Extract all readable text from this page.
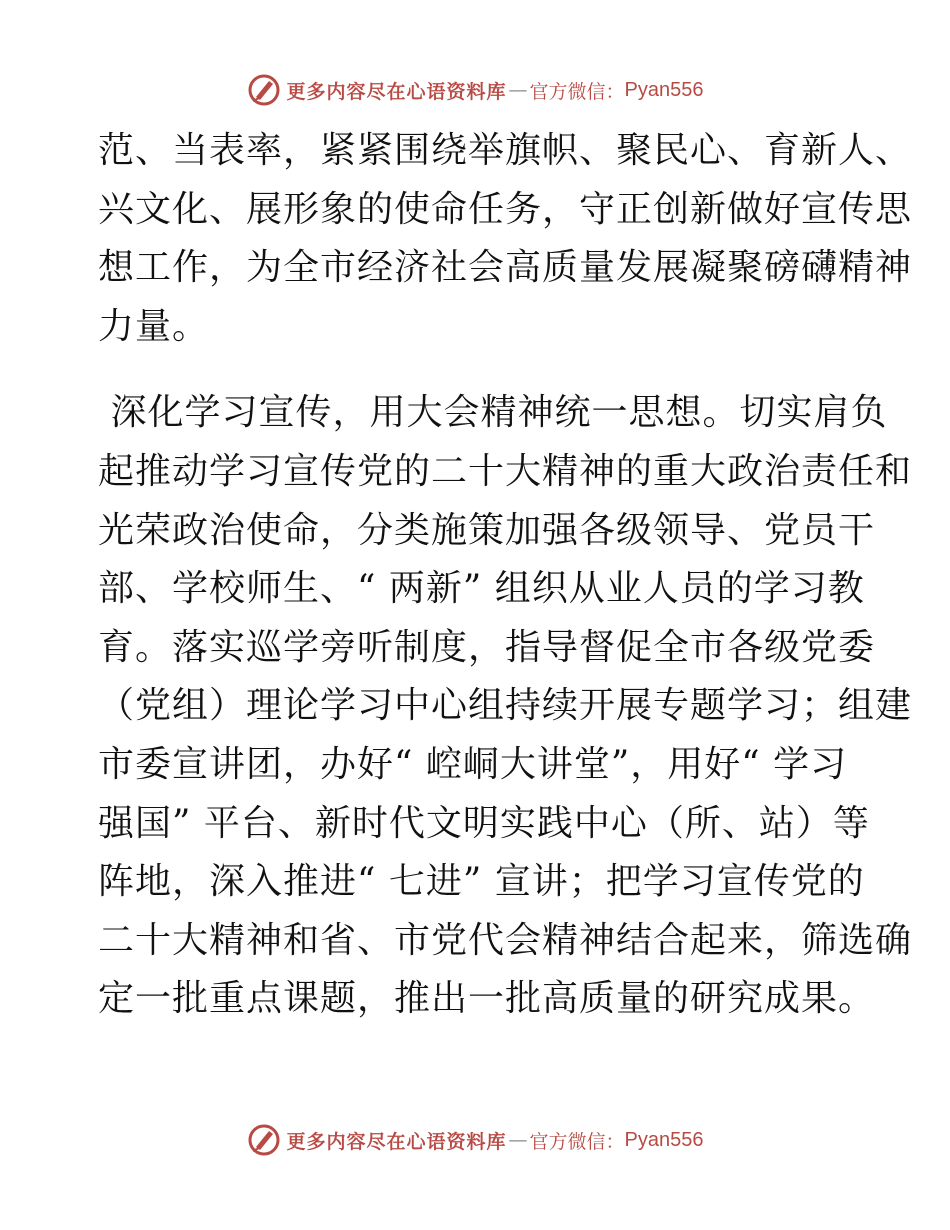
更多内容尽在心语资料库 — 官方微信： Pyan556

范、当表率，紧紧围绕举旗帜、聚民心、育新人、
兴文化、展形象的使命任务，守正创新做好宣传思
想工作，为全市经济社会高质量发展凝聚磅礴精神
力量。

深化学习宣传，用大会精神统一思想。切实肩负
起推动学习宣传党的二十大精神的重大政治责任和
光荣政治使命，分类施策加强各级领导、党员干
部、学校师生、“ 两新” 组织从业人员的学习教
育。落实巡学旁听制度，指导督促全市各级党委
（党组）理论学习中心组持续开展专题学习；组建
市委宣讲团，办好“ 崆峒大讲堂”，用好“ 学习
强国” 平台、新时代文明实践中心（所、站）等
阵地，深入推进“ 七进” 宣讲；把学习宣传党的
二十大精神和省、市党代会精神结合起来，筛选确
定一批重点课题，推出一批高质量的研究成果。

更多内容尽在心语资料库 — 官方微信： Pyan556
